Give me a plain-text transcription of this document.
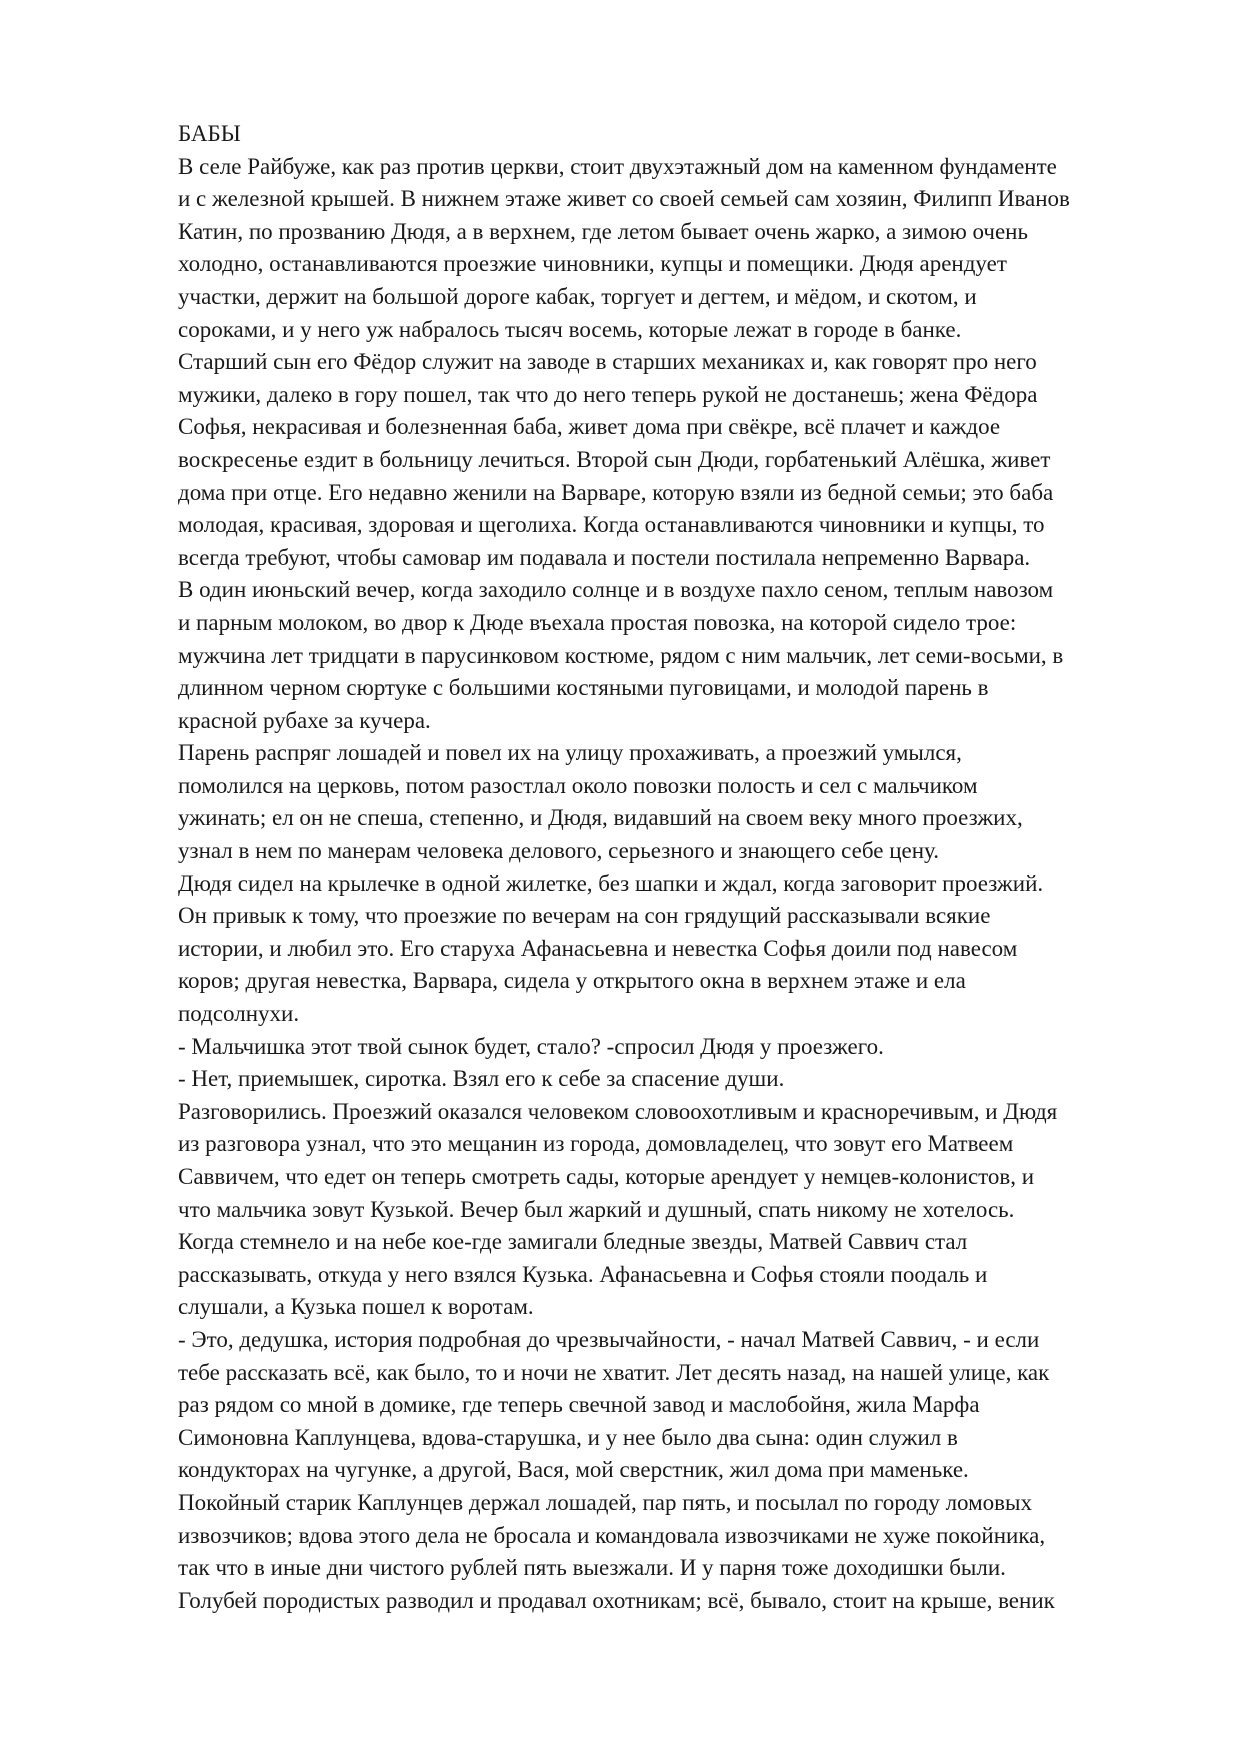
БАБЫ
В селе Райбуже, как раз против церкви, стоит двухэтажный дом на каменном фундаменте
и с железной крышей. В нижнем этаже живет со своей семьей сам хозяин, Филипп Иванов
Катин, по прозванию Дюдя, а в верхнем, где летом бывает очень жарко, а зимою очень
холодно, останавливаются проезжие чиновники, купцы и помещики. Дюдя арендует
участки, держит на большой дороге кабак, торгует и дегтем, и мёдом, и скотом, и
сороками, и у него уж набралось тысяч восемь, которые лежат в городе в банке.
Старший сын его Фёдор служит на заводе в старших механиках и, как говорят про него
мужики, далеко в гору пошел, так что до него теперь рукой не достанешь; жена Фёдора
Софья, некрасивая и болезненная баба, живет дома при свёкре, всё плачет и каждое
воскресенье ездит в больницу лечиться. Второй сын Дюди, горбатенький Алёшка, живет
дома при отце. Его недавно женили на Варваре, которую взяли из бедной семьи; это баба
молодая, красивая, здоровая и щеголиха. Когда останавливаются чиновники и купцы, то
всегда требуют, чтобы самовар им подавала и постели постилала непременно Варвара.
В один июньский вечер, когда заходило солнце и в воздухе пахло сеном, теплым навозом
и парным молоком, во двор к Дюде въехала простая повозка, на которой сидело трое:
мужчина лет тридцати в парусинковом костюме, рядом с ним мальчик, лет семи-восьми, в
длинном черном сюртуке с большими костяными пуговицами, и молодой парень в
красной рубахе за кучера.
Парень распряг лошадей и повел их на улицу прохаживать, а проезжий умылся,
помолился на церковь, потом разостлал около повозки полость и сел с мальчиком
ужинать; ел он не спеша, степенно, и Дюдя, видавший на своем веку много проезжих,
узнал в нем по манерам человека делового, серьезного и знающего себе цену.
Дюдя сидел на крылечке в одной жилетке, без шапки и ждал, когда заговорит проезжий.
Он привык к тому, что проезжие по вечерам на сон грядущий рассказывали всякие
истории, и любил это. Его старуха Афанасьевна и невестка Софья доили под навесом
коров; другая невестка, Варвара, сидела у открытого окна в верхнем этаже и ела
подсолнухи.
- Мальчишка этот твой сынок будет, стало? -спросил Дюдя у проезжего.
- Нет, приемышек, сиротка. Взял его к себе за спасение души.
Разговорились. Проезжий оказался человеком словоохотливым и красноречивым, и Дюдя
из разговора узнал, что это мещанин из города, домовладелец, что зовут его Матвеем
Саввичем, что едет он теперь смотреть сады, которые арендует у немцев-колонистов, и
что мальчика зовут Кузькой. Вечер был жаркий и душный, спать никому не хотелось.
Когда стемнело и на небе кое-где замигали бледные звезды, Матвей Саввич стал
рассказывать, откуда у него взялся Кузька. Афанасьевна и Софья стояли поодаль и
слушали, а Кузька пошел к воротам.
- Это, дедушка, история подробная до чрезвычайности, - начал Матвей Саввич, - и если
тебе рассказать всё, как было, то и ночи не хватит. Лет десять назад, на нашей улице, как
раз рядом со мной в домике, где теперь свечной завод и маслобойня, жила Марфа
Симоновна Каплунцева, вдова-старушка, и у нее было два сына: один служил в
кондукторах на чугунке, а другой, Вася, мой сверстник, жил дома при маменьке.
Покойный старик Каплунцев держал лошадей, пар пять, и посылал по городу ломовых
извозчиков; вдова этого дела не бросала и командовала извозчиками не хуже покойника,
так что в иные дни чистого рублей пять выезжали. И у парня тоже доходишки были.
Голубей породистых разводил и продавал охотникам; всё, бывало, стоит на крыше, веник
